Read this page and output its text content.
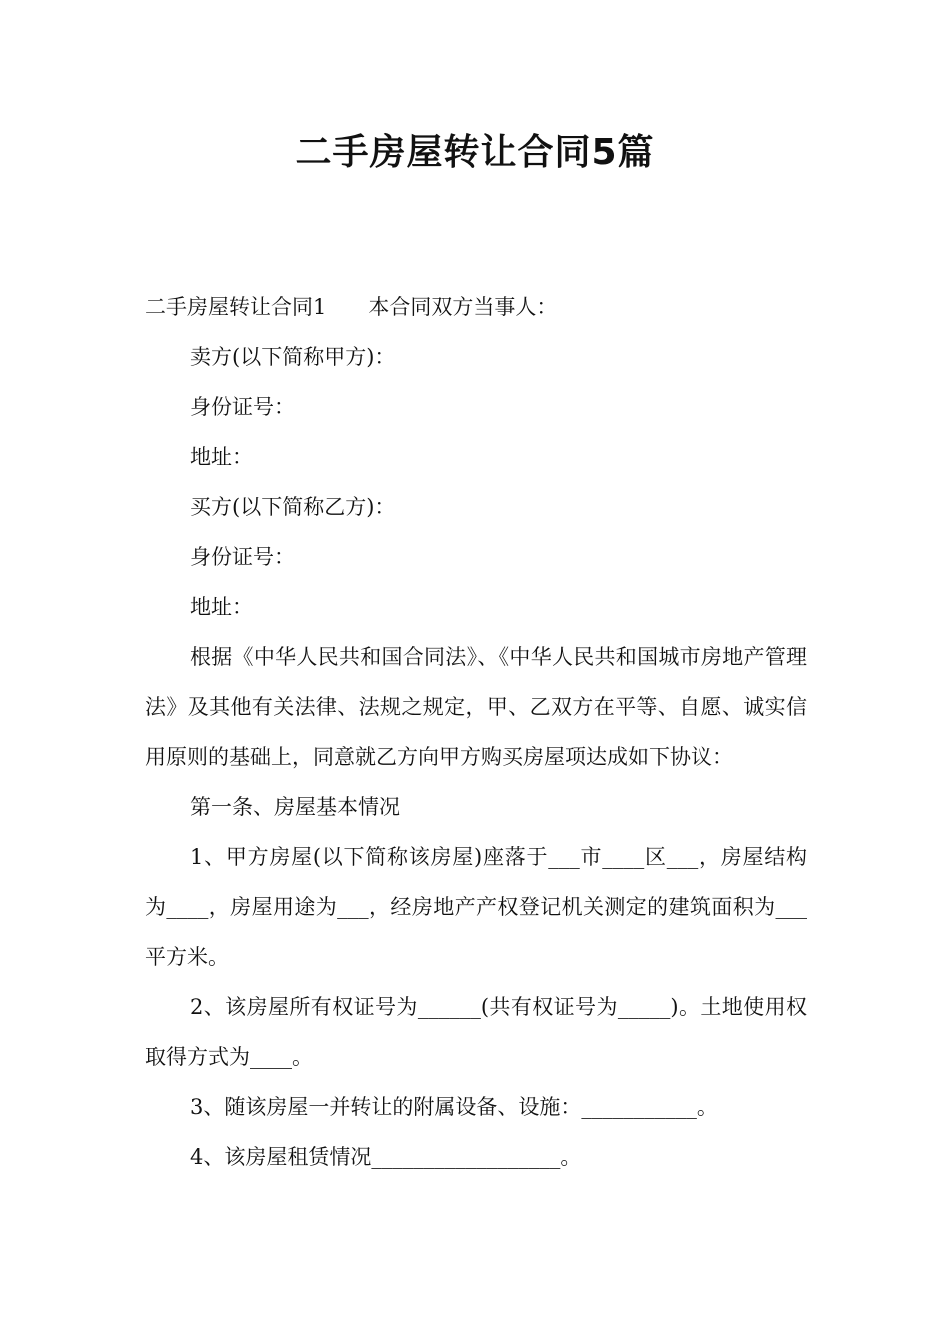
二手房屋转让合同5篇

二手房屋转让合同1 本合同双方当事人：

卖方(以下简称甲方)：

身份证号：

地址：

买方(以下简称乙方)：

身份证号：

地址：

根据《中华人民共和国合同法》、《中华人民共和国城市房地产管理法》及其他有关法律、法规之规定，甲、乙双方在平等、自愿、诚实信用原则的基础上，同意就乙方向甲方购买房屋项达成如下协议：

第一条、房屋基本情况

1、甲方房屋(以下简称该房屋)座落于___市____区___，房屋结构为____，房屋用途为___，经房地产产权登记机关测定的建筑面积为___平方米。

2、该房屋所有权证号为______(共有权证号为_____)。土地使用权取得方式为____。

3、随该房屋一并转让的附属设备、设施：___________。

4、该房屋租赁情况__________________。
